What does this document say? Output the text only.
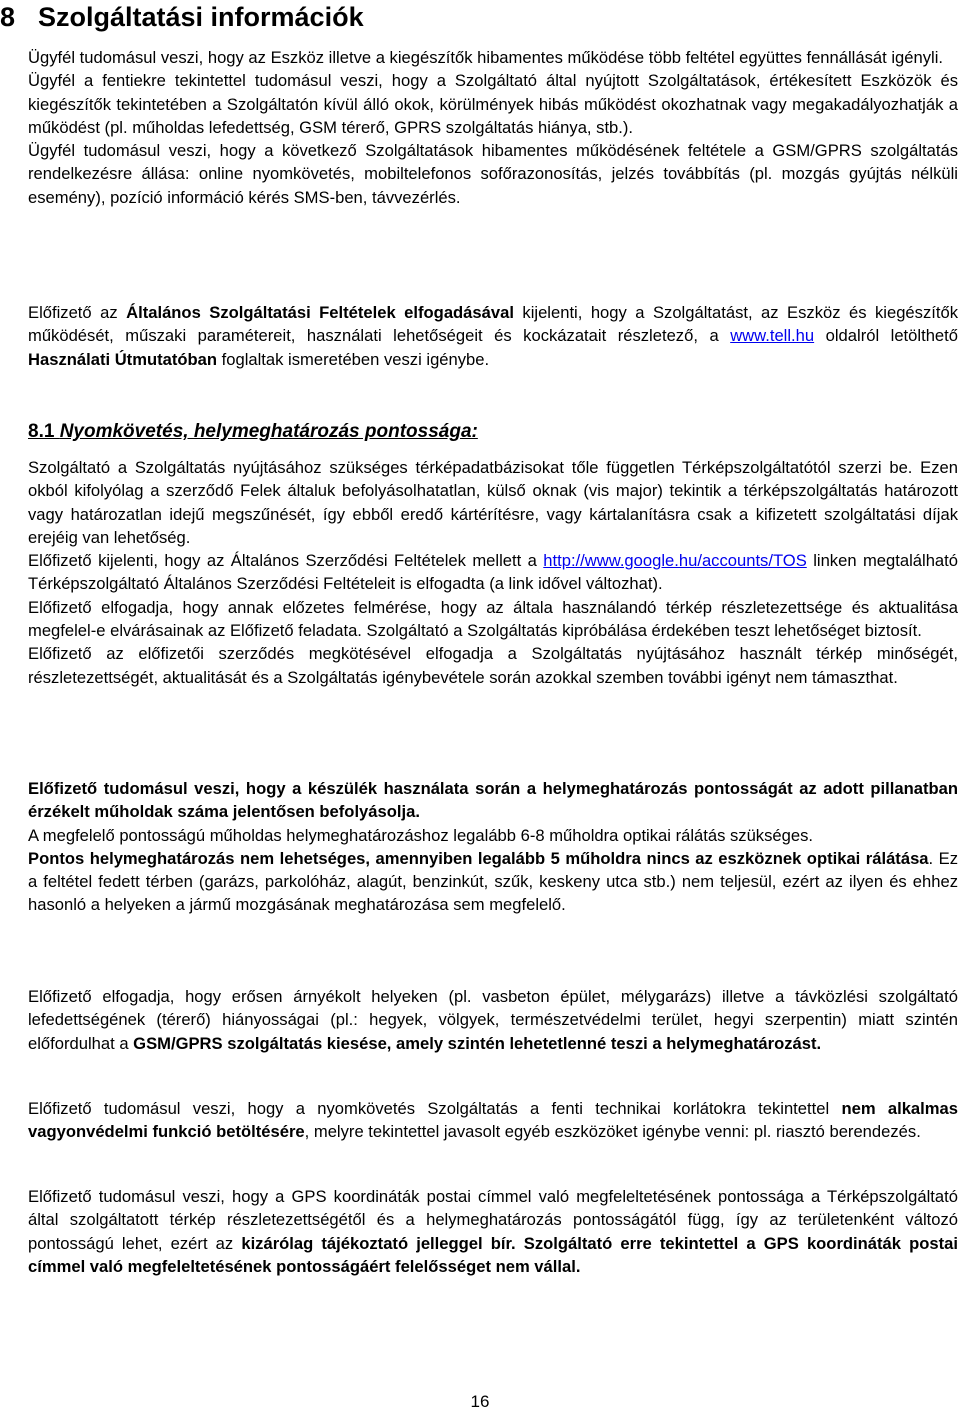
8 Szolgáltatási információk

Ügyfél tudomásul veszi, hogy az Eszköz illetve a kiegészítők hibamentes működése több feltétel együttes fennállását igényli.

Ügyfél a fentiekre tekintettel tudomásul veszi, hogy a Szolgáltató által nyújtott Szolgáltatások, értékesített Eszközök és kiegészítők tekintetében a Szolgáltatón kívül álló okok, körülmények hibás működést okozhatnak vagy megakadályozhatják a működést (pl. műholdas lefedettség, GSM térerő, GPRS szolgáltatás hiánya, stb.).

Ügyfél tudomásul veszi, hogy a következő Szolgáltatások hibamentes működésének feltétele a GSM/GPRS szolgáltatás rendelkezésre állása: online nyomkövetés, mobiltelefonos sofőrazonosítás, jelzés továbbítás (pl. mozgás gyújtás nélküli esemény), pozíció információ kérés SMS-ben, távvezérlés.

Előfizető az Általános Szolgáltatási Feltételek elfogadásával kijelenti, hogy a Szolgáltatást, az Eszköz és kiegészítők működését, műszaki paramétereit, használati lehetőségeit és kockázatait részletező, a www.tell.hu oldalról letölthető Használati Útmutatóban foglaltak ismeretében veszi igénybe.

8.1 Nyomkövetés, helymeghatározás pontossága:

Szolgáltató a Szolgáltatás nyújtásához szükséges térképadatbázisokat tőle független Térképszolgáltatótól szerzi be. Ezen okból kifolyólag a szerződő Felek általuk befolyásolhatatlan, külső oknak (vis major) tekintik a térképszolgáltatás határozott vagy határozatlan idejű megszűnését, így ebből eredő kártérítésre, vagy kártalanításra csak a kifizetett szolgáltatási díjak erejéig van lehetőség.

Előfizető kijelenti, hogy az Általános Szerződési Feltételek mellett a http://www.google.hu/accounts/TOS linken megtalálható Térképszolgáltató Általános Szerződési Feltételeit is elfogadta (a link idővel változhat).

Előfizető elfogadja, hogy annak előzetes felmérése, hogy az általa használandó térkép részletezettsége és aktualitása megfelel-e elvárásainak az Előfizető feladata. Szolgáltató a Szolgáltatás kipróbálása érdekében teszt lehetőséget biztosít.

Előfizető az előfizetői szerződés megkötésével elfogadja a Szolgáltatás nyújtásához használt térkép minőségét, részletezettségét, aktualitását és a Szolgáltatás igénybevétele során azokkal szemben további igényt nem támaszthat.

Előfizető tudomásul veszi, hogy a készülék használata során a helymeghatározás pontosságát az adott pillanatban érzékelt műholdak száma jelentősen befolyásolja.

A megfelelő pontosságú műholdas helymeghatározáshoz legalább 6-8 műholdra optikai rálátás szükséges.

Pontos helymeghatározás nem lehetséges, amennyiben legalább 5 műholdra nincs az eszköznek optikai rálátása. Ez a feltétel fedett térben (garázs, parkolóház, alagút, benzinkút, szűk, keskeny utca stb.) nem teljesül, ezért az ilyen és ehhez hasonló a helyeken a jármű mozgásának meghatározása sem megfelelő.

Előfizető elfogadja, hogy erősen árnyékolt helyeken (pl. vasbeton épület, mélygarázs) illetve a távközlési szolgáltató lefedettségének (térerő) hiányosságai (pl.: hegyek, völgyek, természetvédelmi terület, hegyi szerpentin) miatt szintén előfordulhat a GSM/GPRS szolgáltatás kiesése, amely szintén lehetetlenné teszi a helymeghatározást.

Előfizető tudomásul veszi, hogy a nyomkövetés Szolgáltatás a fenti technikai korlátokra tekintettel nem alkalmas vagyonvédelmi funkció betöltésére, melyre tekintettel javasolt egyéb eszközöket igénybe venni: pl. riasztó berendezés.

Előfizető tudomásul veszi, hogy a GPS koordináták postai címmel való megfeleltetésének pontossága a Térképszolgáltató által szolgáltatott térkép részletezettségétől és a helymeghatározás pontosságától függ, így az területenként változó pontosságú lehet, ezért az kizárólag tájékoztató jelleggel bír. Szolgáltató erre tekintettel a GPS koordináták postai címmel való megfeleltetésének pontosságáért felelősséget nem vállal.

16
